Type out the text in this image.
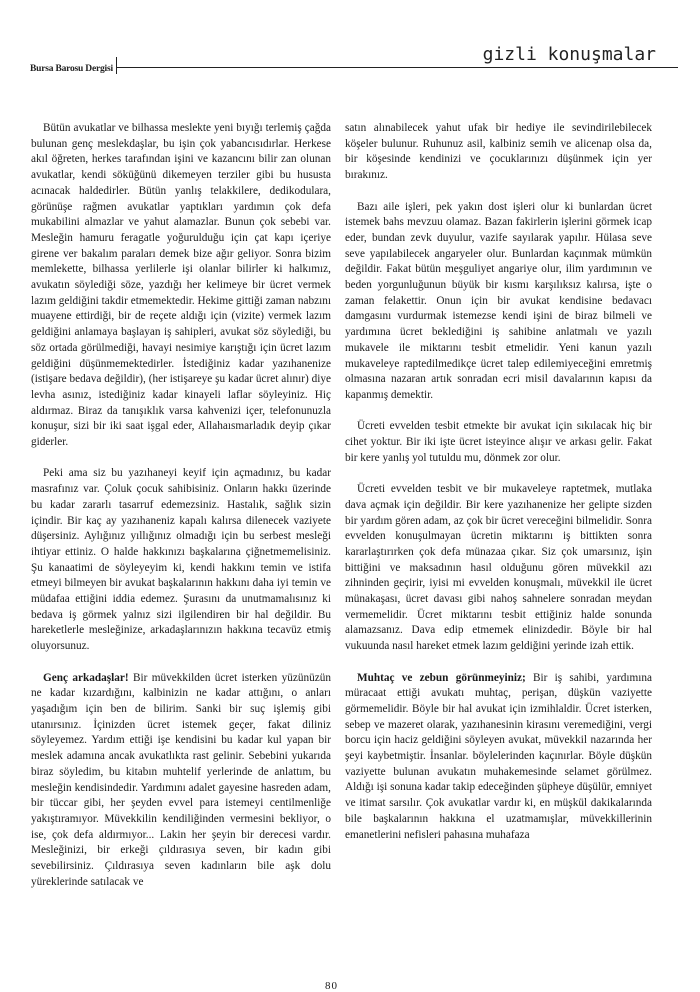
Bursa Barosu Dergisi
gizli konuşmalar

Bütün avukatlar ve bilhassa meslekte yeni bıyığı terlemiş çağda bulunan genç meslekdaşlar, bu işin çok yabancısıdırlar. Herkese akıl öğreten, herkes tarafından işini ve kazancını bilir zan olunan avukatlar, kendi söküğünü dikemeyen terziler gibi bu hususta acınacak haldedirler. Bütün yanlış telakkilere, dedikodulara, görünüşe rağmen avukatlar yaptıkları yardımın çok defa mukabilini almazlar ve yahut alamazlar. Bunun çok sebebi var. Mesleğin hamuru feragatle yoğurulduğu için çat kapı içeriye girene ver bakalım paraları demek bize ağır geliyor. Sonra bizim memlekette, bilhassa yerlilerle işi olanlar bilirler ki halkımız, avukatın söylediği söze, yazdığı her kelimeye bir ücret vermek lazım geldiğini takdir etmemektedir. Hekime gittiği zaman nabzını muayene ettirdiği, bir de reçete aldığı için (vizite) vermek lazım geldiğini anlamaya başlayan iş sahipleri, avukat söz söylediği, bu söz ortada görülmediği, havayi nesimiye karıştığı için ücret lazım geldiğini düşünmemektedirler. İstediğiniz kadar yazıhanenize (istişare bedava değildir), (her istişareye şu kadar ücret alınır) diye levha asınız, istediğiniz kadar kinayeli laflar söyleyiniz. Hiç aldırmaz. Biraz da tanışıklık varsa kahvenizi içer, telefonunuzla konuşur, sizi bir iki saat işgal eder, Allahaısmarladık deyip çıkar giderler.

Peki ama siz bu yazıhaneyi keyif için açmadınız, bu kadar masrafınız var. Çoluk çocuk sahibisiniz. Onların hakkı üzerinde bu kadar zararlı tasarruf edemezsiniz. Hastalık, sağlık sizin içindir. Bir kaç ay yazıhaneniz kapalı kalırsa dilenecek vaziyete düşersiniz. Aylığınız yıllığınız olmadığı için bu serbest mesleği ihtiyar ettiniz. O halde hakkınızı başkalarına çiğnetmemelisiniz. Şu kanaatimi de söyleyeyim ki, kendi hakkını temin ve istifa etmeyi bilmeyen bir avukat başkalarının hakkını daha iyi temin ve müdafaa ettiğini iddia edemez. Şurasını da unutmamalısınız ki bedava iş görmek yalnız sizi ilgilendiren bir hal değildir. Bu hareketlerle mesleğinize, arkadaşlarınızın hakkına tecavüz etmiş oluyorsunuz.

Genç arkadaşlar! Bir müvekkilden ücret isterken yüzünüzün ne kadar kızardığını, kalbinizin ne kadar attığını, o anları yaşadığım için ben de bilirim. Sanki bir suç işlemiş gibi utanırsınız. İçinizden ücret istemek geçer, fakat diliniz söyleyemez. Yardım ettiği işe kendisini bu kadar kul yapan bir meslek adamına ancak avukatlıkta rast gelinir. Sebebini yukarıda biraz söyledim, bu kitabın muhtelif yerlerinde de anlattım, bu mesleğin kendisindedir. Yardımını adalet gayesine hasreden adam, bir tüccar gibi, her şeyden evvel para istemeyi centilmenliğe yakıştıramıyor. Müvekkilin kendiliğinden vermesini bekliyor, o ise, çok defa aldırmıyor... Lakin her şeyin bir derecesi vardır. Mesleğinizi, bir erkeği çıldırasıya seven, bir kadın gibi sevebilirsiniz. Çıldırasıya seven kadınların bile aşk dolu yüreklerinde satılacak ve

satın alınabilecek yahut ufak bir hediye ile sevindirilebilecek köşeler bulunur. Ruhunuz asil, kalbiniz semih ve alicenap olsa da, bir köşesinde kendinizi ve çocuklarınızı düşünmek için yer bırakınız.

Bazı aile işleri, pek yakın dost işleri olur ki bunlardan ücret istemek bahs mevzuu olamaz. Bazan fakirlerin işlerini görmek icap eder, bundan zevk duyulur, vazife sayılarak yapılır. Hülasa seve seve yapılabilecek angaryeler olur. Bunlardan kaçınmak mümkün değildir. Fakat bütün meşguliyet angariye olur, ilim yardımının ve beden yorgunluğunun büyük bir kısmı karşılıksız kalırsa, işte o zaman felakettir. Onun için bir avukat kendisine bedavacı damgasını vurdurmak istemezse kendi işini de biraz bilmeli ve yardımına ücret beklediğini iş sahibine anlatmalı ve yazılı mukavele ile miktarını tesbit etmelidir. Yeni kanun yazılı mukaveleye raptedilmedikçe ücret talep edilemiyeceğini emretmiş olmasına nazaran artık sonradan ecri misil davalarının kapısı da kapanmış demektir.

Ücreti evvelden tesbit etmekte bir avukat için sıkılacak hiç bir cihet yoktur. Bir iki işte ücret isteyince alışır ve arkası gelir. Fakat bir kere yanlış yol tutuldu mu, dönmek zor olur.

Ücreti evvelden tesbit ve bir mukaveleye raptetmek, mutlaka dava açmak için değildir. Bir kere yazıhanenize her gelipte sizden bir yardım gören adam, az çok bir ücret vereceğini bilmelidir. Sonra evvelden konuşulmayan ücretin miktarını iş bittikten sonra kararlaştırırken çok defa münazaa çıkar. Siz çok umarsınız, işin bittiğini ve maksadının hasıl olduğunu gören müvekkil azı zihninden geçirir, iyisi mi evvelden konuşmalı, müvekkil ile ücret münakaşası, ücret davası gibi nahoş sahnelere sonradan meydan vermemelidir. Ücret miktarını tesbit ettiğiniz halde sonunda alamazsanız. Dava edip etmemek elinizdedir. Böyle bir hal vukuunda nasıl hareket etmek lazım geldiğini yerinde izah ettik.

Muhtaç ve zebun görünmeyiniz; Bir iş sahibi, yardımına müracaat ettiği avukatı muhtaç, perişan, düşkün vaziyette görmemelidir. Böyle bir hal avukat için izmihlaldir. Ücret isterken, sebep ve mazeret olarak, yazıhanesinin kirasını veremediğini, vergi borcu için haciz geldiğini söyleyen avukat, müvekkil nazarında her şeyi kaybetmiştir. İnsanlar. böylelerinden kaçınırlar. Böyle düşkün vaziyette bulunan avukatın muhakemesinde selamet görülmez. Aldığı işi sonuna kadar takip edeceğinden şüpheye düşülür, emniyet ve itimat sarsılır. Çok avukatlar vardır ki, en müşkül dakikalarında bile başkalarının hakkına el uzatmamışlar, müvekkillerinin emanetlerini nefisleri pahasına muhafaza

80
